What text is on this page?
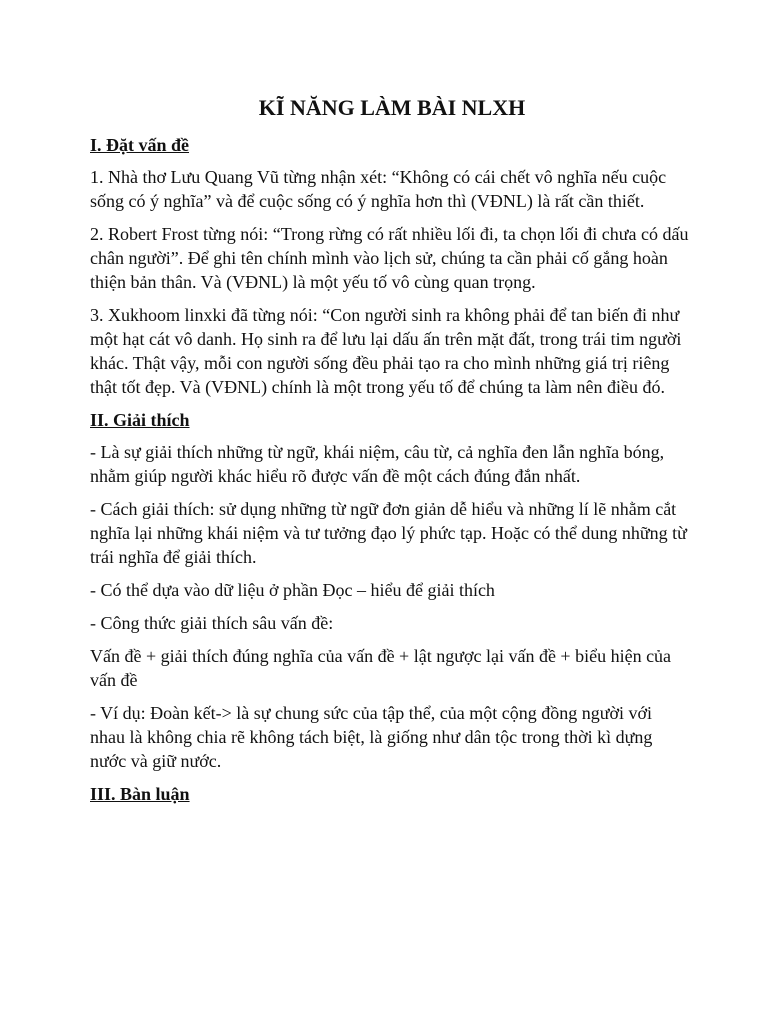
KĨ NĂNG LÀM BÀI NLXH
I. Đặt vấn đề

1. Nhà thơ Lưu Quang Vũ từng nhận xét: “Không có cái chết vô nghĩa nếu cuộc sống có ý nghĩa” và để cuộc sống có ý nghĩa hơn thì (VĐNL) là rất cần thiết.

2. Robert Frost từng nói: “Trong rừng có rất nhiều lối đi, ta chọn lối đi chưa có dấu chân người”. Để ghi tên chính mình vào lịch sử, chúng ta cần phải cố gắng hoàn thiện bản thân. Và (VĐNL) là một yếu tố vô cùng quan trọng.

3. Xukhoom linxki đã từng nói: “Con người sinh ra không phải để tan biến đi như một hạt cát vô danh. Họ sinh ra để lưu lại dấu ấn trên mặt đất, trong trái tim người khác. Thật vậy, mỗi con người sống đều phải tạo ra cho mình những giá trị riêng thật tốt đẹp. Và (VĐNL) chính là một trong yếu tố để chúng ta làm nên điều đó.

II. Giải thích

- Là sự giải thích những từ ngữ, khái niệm, câu từ, cả nghĩa đen lẫn nghĩa bóng, nhằm giúp người khác hiểu rõ được vấn đề một cách đúng đắn nhất.

- Cách giải thích: sử dụng những từ ngữ đơn giản dễ hiểu và những lí lẽ nhằm cắt nghĩa lại những khái niệm và tư tưởng đạo lý phức tạp. Hoặc có thể dung những từ trái nghĩa để giải thích.

- Có thể dựa vào dữ liệu ở phần Đọc – hiểu để giải thích

- Công thức giải thích sâu vấn đề:

Vấn đề + giải thích đúng nghĩa của vấn đề + lật ngược lại vấn đề + biểu hiện của vấn đề

- Ví dụ: Đoàn kết-> là sự chung sức của tập thể, của một cộng đồng người với nhau là không chia rẽ không tách biệt, là giống như dân tộc trong thời kì dựng nước và giữ nước.

III. Bàn luận
